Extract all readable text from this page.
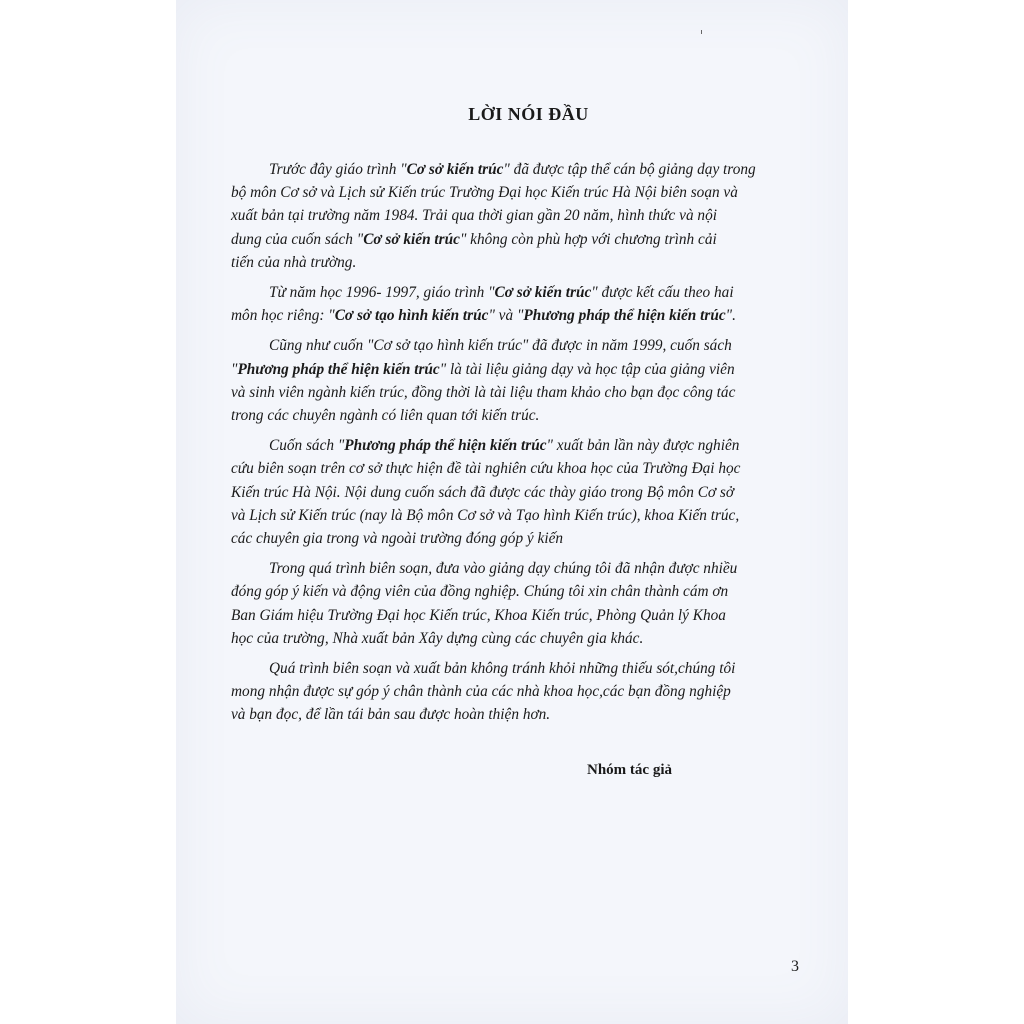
LỜI NÓI ĐẦU
Trước đây giáo trình "Cơ sở kiến trúc" đã được tập thể cán bộ giảng dạy trong
bộ môn Cơ sở và Lịch sử Kiến trúc Trường Đại học Kiến trúc Hà Nội biên soạn và
xuất bản tại trường năm 1984. Trải qua thời gian gần 20 năm, hình thức và nội
dung của cuốn sách "Cơ sở kiến trúc" không còn phù hợp với chương trình cải
tiến của nhà trường.
Từ năm học 1996- 1997, giáo trình "Cơ sở kiến trúc" được kết cấu theo hai
môn học riêng: "Cơ sở tạo hình kiến trúc" và "Phương pháp thể hiện kiến trúc".
Cũng như cuốn "Cơ sở tạo hình kiến trúc" đã được in năm 1999, cuốn sách
"Phương pháp thể hiện kiến trúc" là tài liệu giảng dạy và học tập của giảng viên
và sinh viên ngành kiến trúc, đồng thời là tài liệu tham khảo cho bạn đọc công tác
trong các chuyên ngành có liên quan tới kiến trúc.
Cuốn sách "Phương pháp thể hiện kiến trúc" xuất bản lần này được nghiên
cứu biên soạn trên cơ sở thực hiện đề tài nghiên cứu khoa học của Trường Đại học
Kiến trúc Hà Nội. Nội dung cuốn sách đã được các thày giáo trong Bộ môn Cơ sở
và Lịch sử Kiến trúc (nay là Bộ môn Cơ sở và Tạo hình Kiến trúc), khoa Kiến trúc,
các chuyên gia trong và ngoài trường đóng góp ý kiến
Trong quá trình biên soạn, đưa vào giảng dạy chúng tôi đã nhận được nhiều
đóng góp ý kiến và động viên của đồng nghiệp. Chúng tôi xin chân thành cám ơn
Ban Giám hiệu Trường Đại học Kiến trúc, Khoa Kiến trúc, Phòng Quản lý Khoa
học của trường, Nhà xuất bản Xây dựng cùng các chuyên gia khác.
Quá trình biên soạn và xuất bản không tránh khỏi những thiếu sót,chúng tôi
mong nhận được sự góp ý chân thành của các nhà khoa học,các bạn đồng nghiệp
và bạn đọc, để lần tái bản sau được hoàn thiện hơn.
Nhóm tác giả
3
